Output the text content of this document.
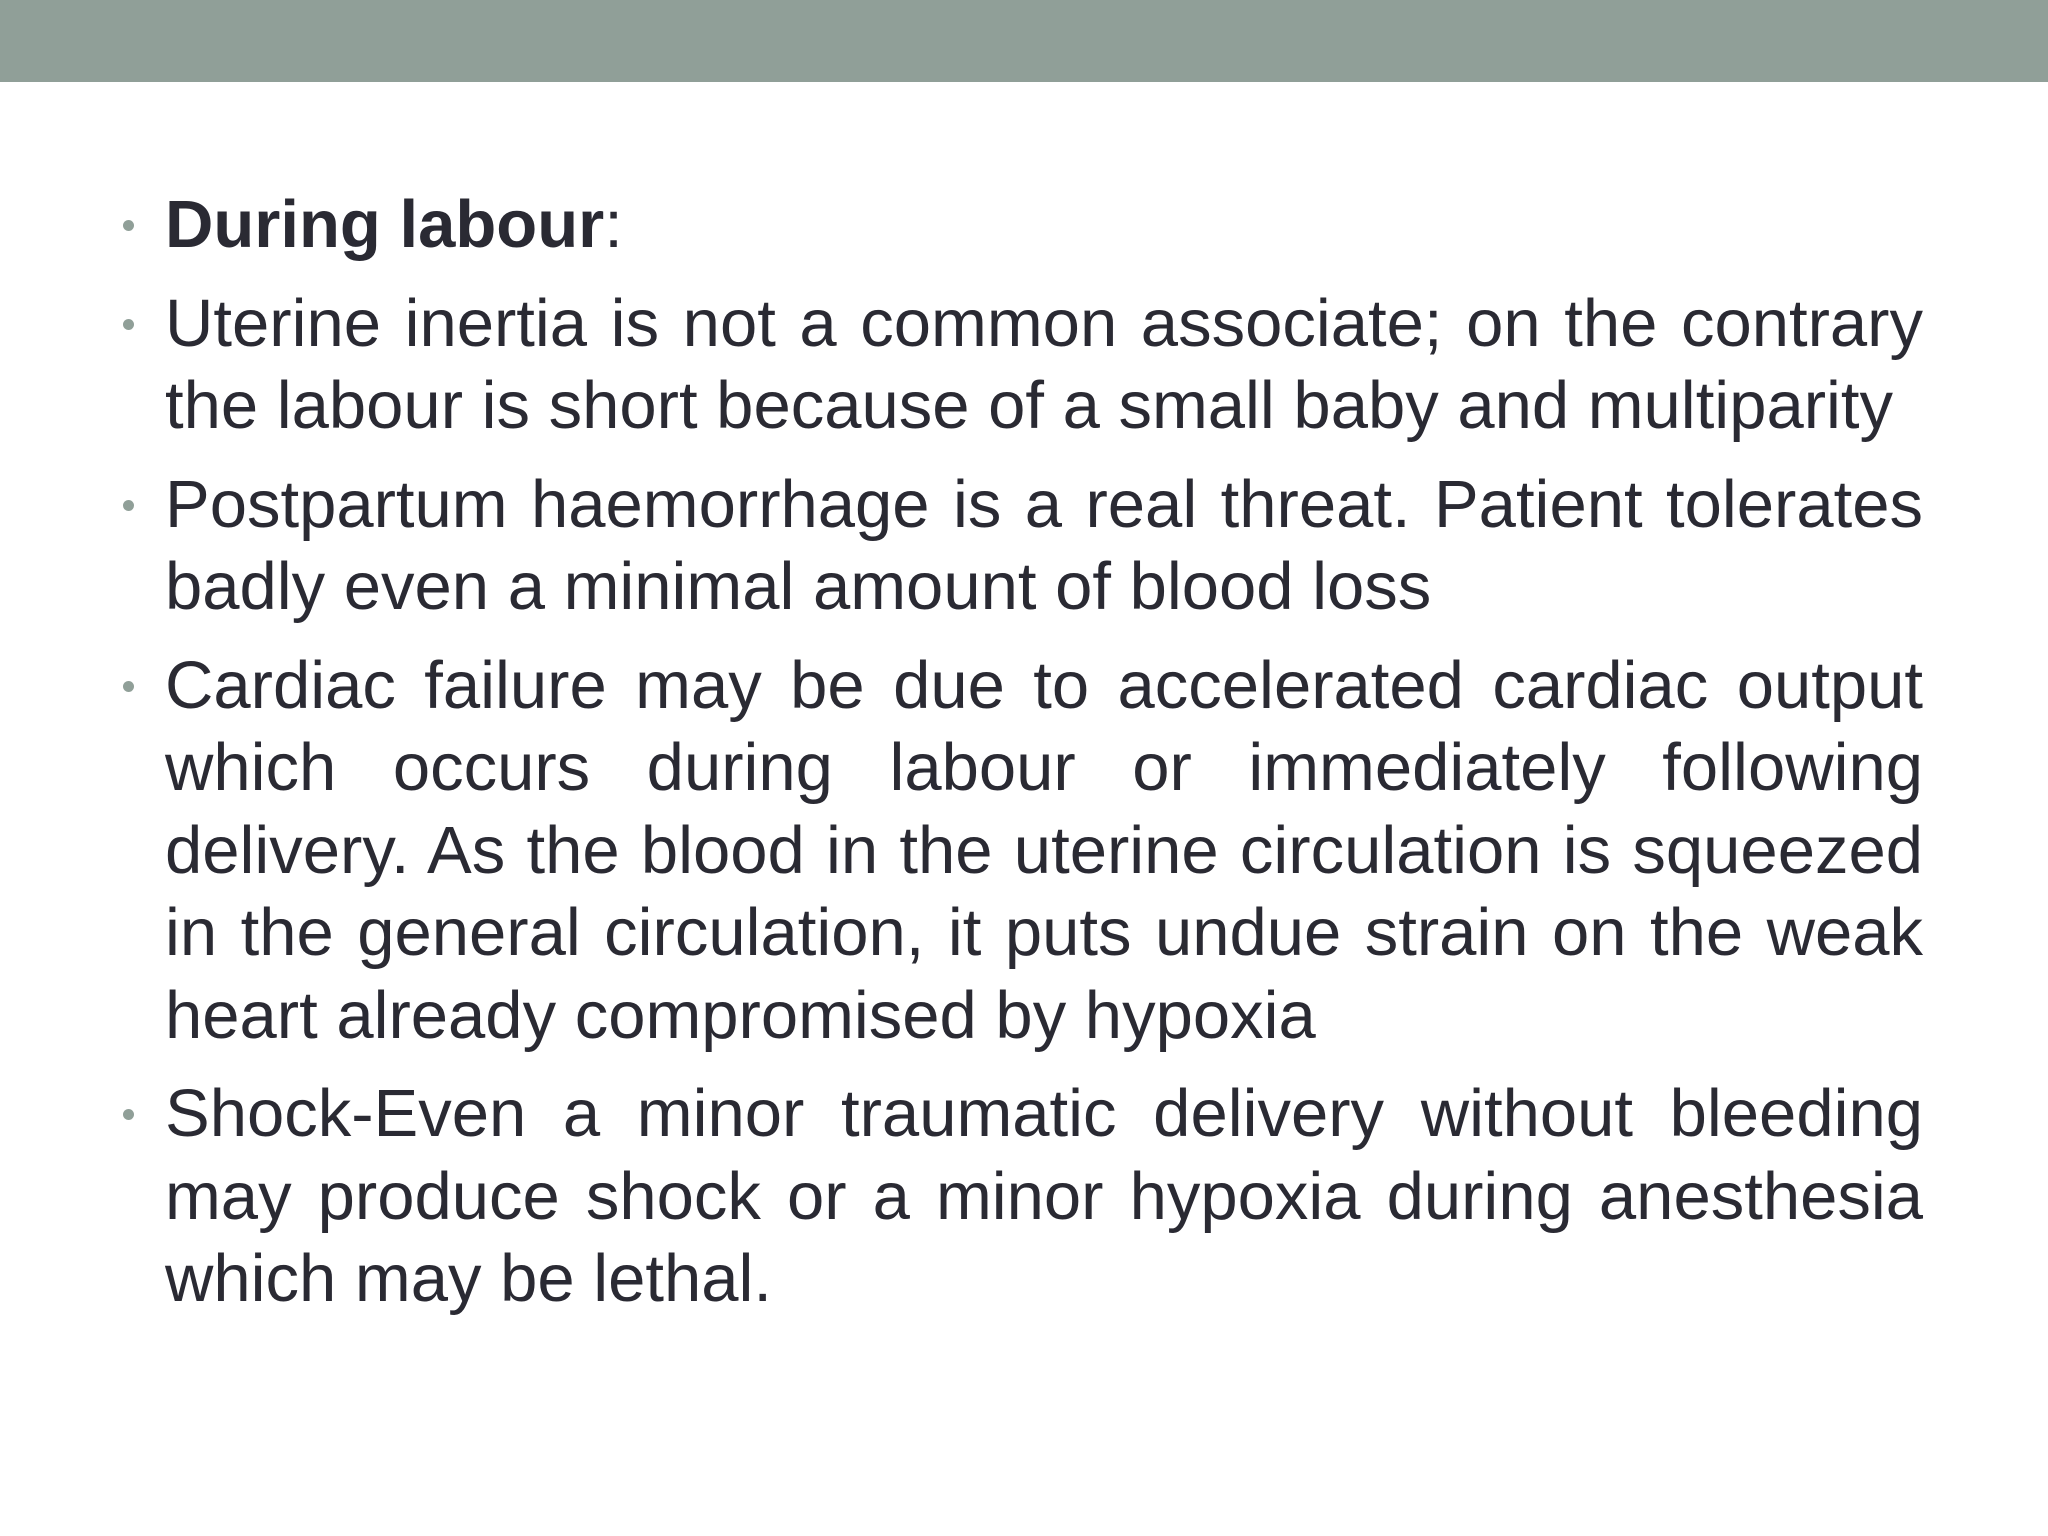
During labour:
Uterine inertia is not a common associate; on the contrary the labour is short because of a small baby and multiparity
Postpartum haemorrhage is a real threat. Patient tolerates badly even a minimal amount of blood loss
Cardiac failure may be due to accelerated cardiac output which occurs during labour or immediately following delivery. As the blood in the uterine circulation is squeezed in the general circulation, it puts undue strain on the weak heart already compromised by hypoxia
Shock-Even a minor traumatic delivery without bleeding may produce shock or a minor hypoxia during anesthesia which may be lethal.
